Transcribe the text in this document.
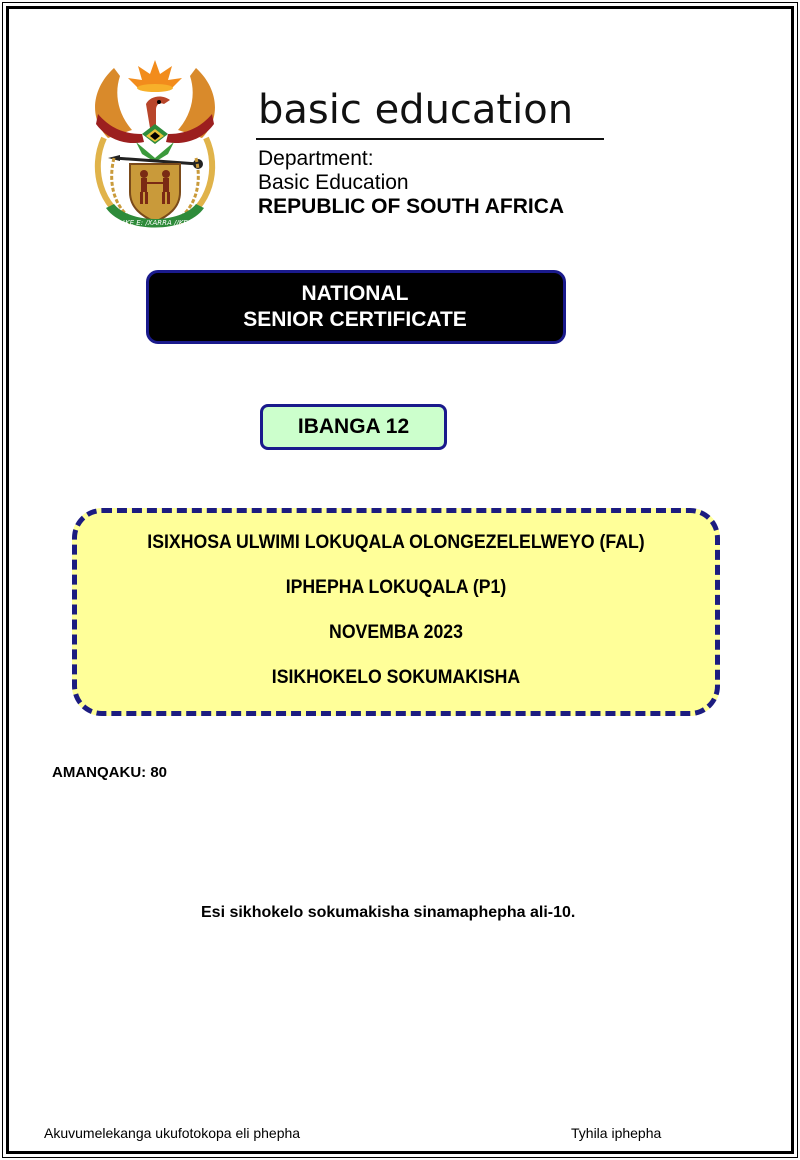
!KE E: /XARRA //KE
basic education
Department:
Basic Education
REPUBLIC OF SOUTH AFRICA
NATIONAL
SENIOR CERTIFICATE
IBANGA 12
ISIXHOSA ULWIMI LOKUQALA OLONGEZELELWEYO (FAL)
IPHEPHA LOKUQALA (P1)
NOVEMBA 2023
ISIKHOKELO SOKUMAKISHA
AMANQAKU: 80
Esi sikhokelo sokumakisha sinamaphepha ali-10.
Akuvumelekanga ukufotokopa eli phepha	Tyhila iphepha
